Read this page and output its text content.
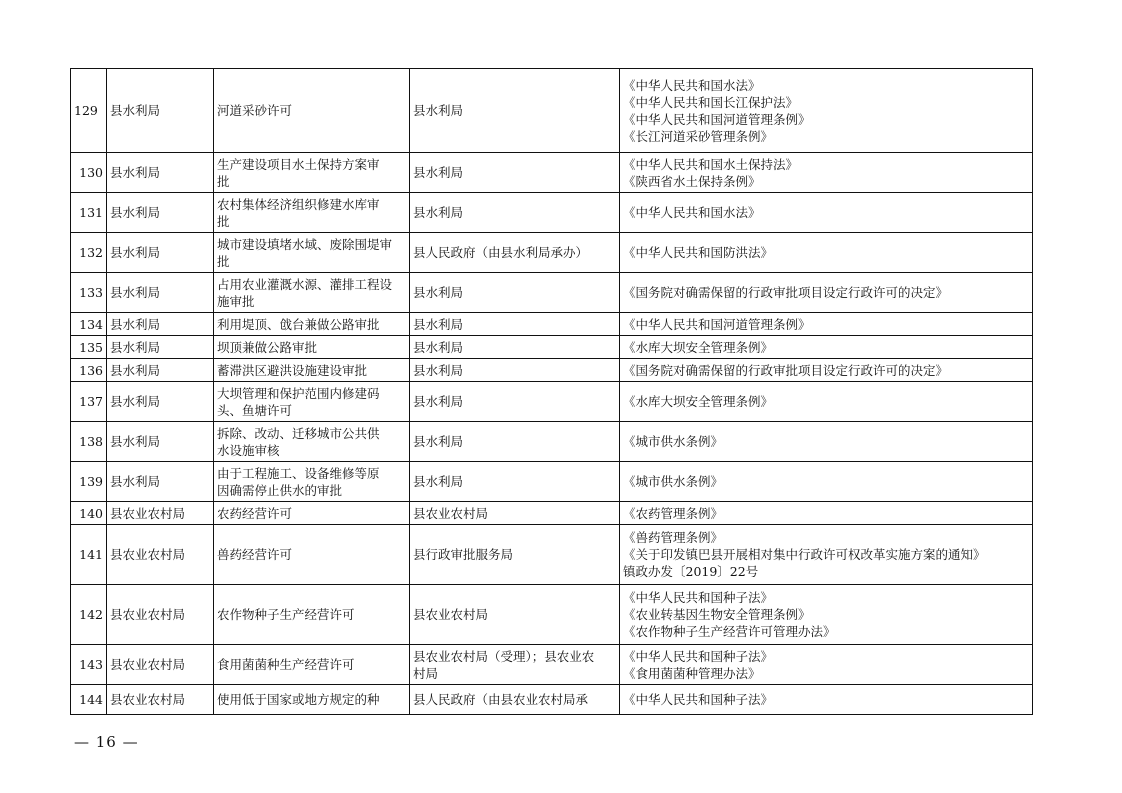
129	县水利局	河道采砂许可	县水利局	《中华人民共和国水法》
《中华人民共和国长江保护法》
《中华人民共和国河道管理条例》
《长江河道采砂管理条例》

130	县水利局	生产建设项目水土保持方案审
批	县水利局	《中华人民共和国水土保持法》
《陕西省水土保持条例》

131	县水利局	农村集体经济组织修建水库审
批	县水利局	《中华人民共和国水法》

132	县水利局	城市建设填堵水域、废除围堤审
批	县人民政府（由县水利局承办）	《中华人民共和国防洪法》

133	县水利局	占用农业灌溉水源、灌排工程设
施审批	县水利局	《国务院对确需保留的行政审批项目设定行政许可的决定》

134	县水利局	利用堤顶、戗台兼做公路审批	县水利局	《中华人民共和国河道管理条例》

135	县水利局	坝顶兼做公路审批	县水利局	《水库大坝安全管理条例》

136	县水利局	蓄滞洪区避洪设施建设审批	县水利局	《国务院对确需保留的行政审批项目设定行政许可的决定》

137	县水利局	大坝管理和保护范围内修建码
头、鱼塘许可	县水利局	《水库大坝安全管理条例》

138	县水利局	拆除、改动、迁移城市公共供
水设施审核	县水利局	《城市供水条例》

139	县水利局	由于工程施工、设备维修等原
因确需停止供水的审批	县水利局	《城市供水条例》

140	县农业农村局	农药经营许可	县农业农村局	《农药管理条例》

141	县农业农村局	兽药经营许可	县行政审批服务局	《兽药管理条例》
《关于印发镇巴县开展相对集中行政许可权改革实施方案的通知》
镇政办发〔2019〕22号

142	县农业农村局	农作物种子生产经营许可	县农业农村局	《中华人民共和国种子法》
《农业转基因生物安全管理条例》
《农作物种子生产经营许可管理办法》

143	县农业农村局	食用菌菌种生产经营许可	县农业农村局（受理）；县农业农
村局	《中华人民共和国种子法》
《食用菌菌种管理办法》

144	县农业农村局	使用低于国家或地方规定的种	县人民政府（由县农业农村局承	《中华人民共和国种子法》
— 16 —
